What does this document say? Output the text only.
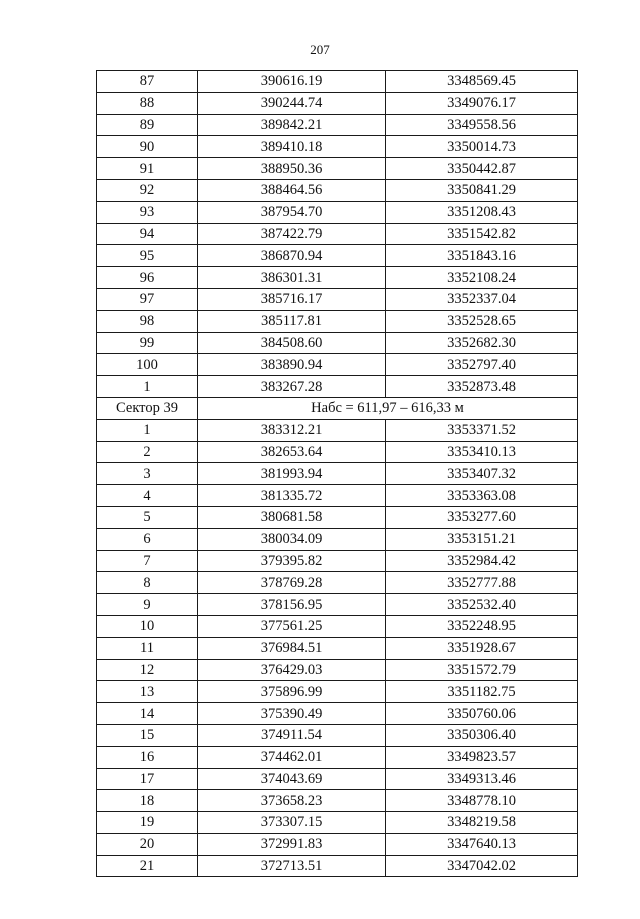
207
87	390616.19	3348569.45
88	390244.74	3349076.17
89	389842.21	3349558.56
90	389410.18	3350014.73
91	388950.36	3350442.87
92	388464.56	3350841.29
93	387954.70	3351208.43
94	387422.79	3351542.82
95	386870.94	3351843.16
96	386301.31	3352108.24
97	385716.17	3352337.04
98	385117.81	3352528.65
99	384508.60	3352682.30
100	383890.94	3352797.40
1	383267.28	3352873.48
Сектор 39	Набс = 611,97 – 616,33 м	
1	383312.21	3353371.52
2	382653.64	3353410.13
3	381993.94	3353407.32
4	381335.72	3353363.08
5	380681.58	3353277.60
6	380034.09	3353151.21
7	379395.82	3352984.42
8	378769.28	3352777.88
9	378156.95	3352532.40
10	377561.25	3352248.95
11	376984.51	3351928.67
12	376429.03	3351572.79
13	375896.99	3351182.75
14	375390.49	3350760.06
15	374911.54	3350306.40
16	374462.01	3349823.57
17	374043.69	3349313.46
18	373658.23	3348778.10
19	373307.15	3348219.58
20	372991.83	3347640.13
21	372713.51	3347042.02
